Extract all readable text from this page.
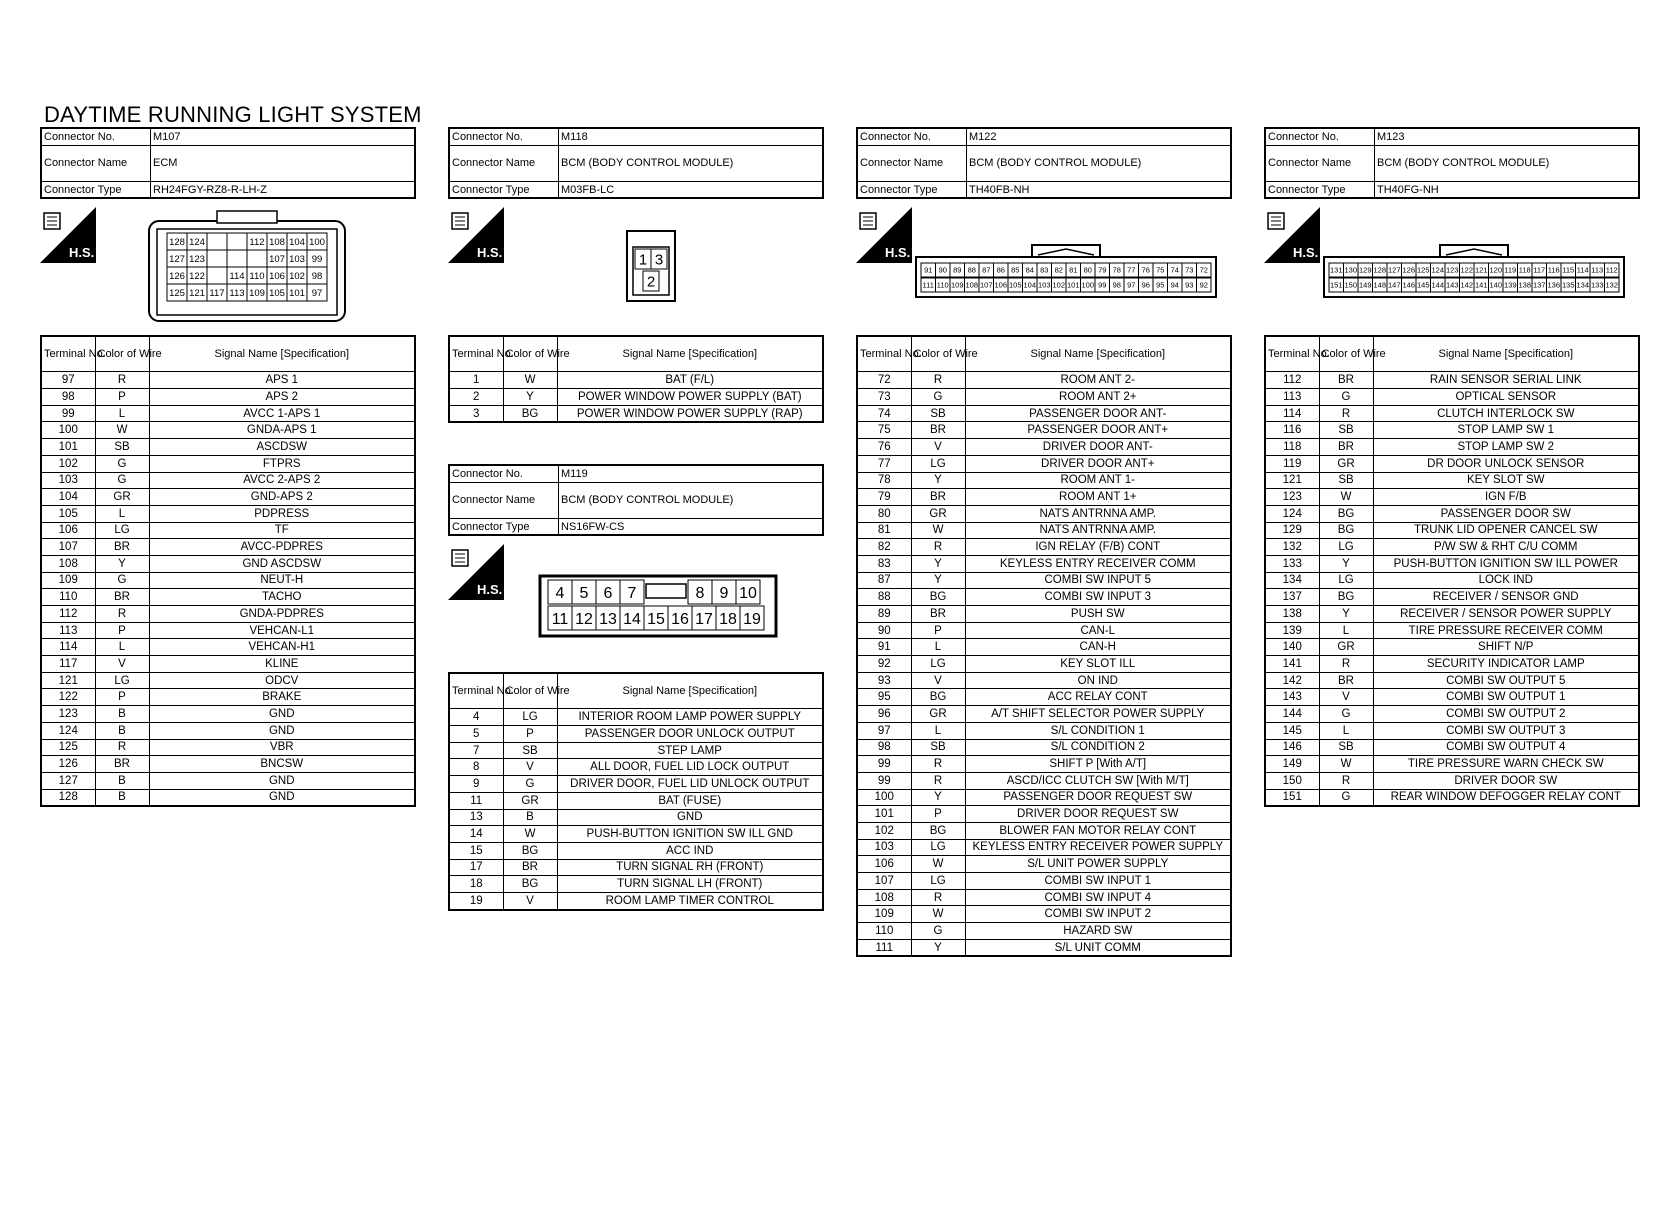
DAYTIME RUNNING LIGHT SYSTEM
Connector No.	M107
Connector Name	ECM
Connector Type	RH24FGY-RZ8-R-LH-Z
H.S.
128 124	112 108 104 100
127 123	107 103 99
126 122	114 110 106 102 98
125 121 117 113 109 105 101 97
Terminal No.	Color of Wire	Signal Name [Specification]
97	R	APS 1
98	P	APS 2
99	L	AVCC 1-APS 1
100	W	GNDA-APS 1
101	SB	ASCDSW
102	G	FTPRS
103	G	AVCC 2-APS 2
104	GR	GND-APS 2
105	L	PDPRESS
106	LG	TF
107	BR	AVCC-PDPRES
108	Y	GND ASCDSW
109	G	NEUT-H
110	BR	TACHO
112	R	GNDA-PDPRES
113	P	VEHCAN-L1
114	L	VEHCAN-H1
117	V	KLINE
121	LG	ODCV
122	P	BRAKE
123	B	GND
124	B	GND
125	R	VBR
126	BR	BNCSW
127	B	GND
128	B	GND
Connector No.	M118
Connector Name	BCM (BODY CONTROL MODULE)
Connector Type	M03FB-LC
H.S.	1 3
2
Terminal No.	Color of Wire	Signal Name [Specification]
1	W	BAT (F/L)
2	Y	POWER WINDOW POWER SUPPLY (BAT)
3	BG	POWER WINDOW POWER SUPPLY (RAP)
Connector No.	M119
Connector Name	BCM (BODY CONTROL MODULE)
Connector Type	NS16FW-CS
H.S.	4 5 6 7	8 9 10
11 12 13 14 15 16 17 18 19
Terminal No.	Color of Wire	Signal Name [Specification]
4	LG	INTERIOR ROOM LAMP POWER SUPPLY
5	P	PASSENGER DOOR UNLOCK OUTPUT
7	SB	STEP LAMP
8	V	ALL DOOR, FUEL LID LOCK OUTPUT
9	G	DRIVER DOOR, FUEL LID UNLOCK OUTPUT
11	GR	BAT (FUSE)
13	B	GND
14	W	PUSH-BUTTON IGNITION SW ILL GND
15	BG	ACC IND
17	BR	TURN SIGNAL RH (FRONT)
18	BG	TURN SIGNAL LH (FRONT)
19	V	ROOM LAMP TIMER CONTROL
Connector No.	M122
Connector Name	BCM (BODY CONTROL MODULE)
Connector Type	TH40FB-NH
H.S.
91 90 89 88 87 86 85 84 83 82 81 80 79 78 77 76 75 74 73 72
111 110 109 108 107 106 105 104 103 102 101 100 99 98 97 96 95 94 93 92
Terminal No.	Color of Wire	Signal Name [Specification]
72	R	ROOM ANT 2-
73	G	ROOM ANT 2+
74	SB	PASSENGER DOOR ANT-
75	BR	PASSENGER DOOR ANT+
76	V	DRIVER DOOR ANT-
77	LG	DRIVER DOOR ANT+
78	Y	ROOM ANT 1-
79	BR	ROOM ANT 1+
80	GR	NATS ANTRNNA AMP.
81	W	NATS ANTRNNA AMP.
82	R	IGN RELAY (F/B) CONT
83	Y	KEYLESS ENTRY RECEIVER COMM
87	Y	COMBI SW INPUT 5
88	BG	COMBI SW INPUT 3
89	BR	PUSH SW
90	P	CAN-L
91	L	CAN-H
92	LG	KEY SLOT ILL
93	V	ON IND
95	BG	ACC RELAY CONT
96	GR	A/T SHIFT SELECTOR POWER SUPPLY
97	L	S/L CONDITION 1
98	SB	S/L CONDITION 2
99	R	SHIFT P [With A/T]
99	R	ASCD/ICC CLUTCH SW [With M/T]
100	Y	PASSENGER DOOR REQUEST SW
101	P	DRIVER DOOR REQUEST SW
102	BG	BLOWER FAN MOTOR RELAY CONT
103	LG	KEYLESS ENTRY RECEIVER POWER SUPPLY
106	W	S/L UNIT POWER SUPPLY
107	LG	COMBI SW INPUT 1
108	R	COMBI SW INPUT 4
109	W	COMBI SW INPUT 2
110	G	HAZARD SW
111	Y	S/L UNIT COMM
Connector No.	M123
Connector Name	BCM (BODY CONTROL MODULE)
Connector Type	TH40FG-NH
H.S.
131 130 129 128 127 126 125 124 123 122 121 120 119 118 117 116 115 114 113 112
151 150 149 148 147 146 145 144 143 142 141 140 139 138 137 136 135 134 133 132
Terminal No.	Color of Wire	Signal Name [Specification]
112	BR	RAIN SENSOR SERIAL LINK
113	G	OPTICAL SENSOR
114	R	CLUTCH INTERLOCK SW
116	SB	STOP LAMP SW 1
118	BR	STOP LAMP SW 2
119	GR	DR DOOR UNLOCK SENSOR
121	SB	KEY SLOT SW
123	W	IGN F/B
124	BG	PASSENGER DOOR SW
129	BG	TRUNK LID OPENER CANCEL SW
132	LG	P/W SW & RHT C/U COMM
133	Y	PUSH-BUTTON IGNITION SW ILL POWER
134	LG	LOCK IND
137	BG	RECEIVER / SENSOR GND
138	Y	RECEIVER / SENSOR POWER SUPPLY
139	L	TIRE PRESSURE RECEIVER COMM
140	GR	SHIFT N/P
141	R	SECURITY INDICATOR LAMP
142	BR	COMBI SW OUTPUT 5
143	V	COMBI SW OUTPUT 1
144	G	COMBI SW OUTPUT 2
145	L	COMBI SW OUTPUT 3
146	SB	COMBI SW OUTPUT 4
149	W	TIRE PRESSURE WARN CHECK SW
150	R	DRIVER DOOR SW
151	G	REAR WINDOW DEFOGGER RELAY CONT
